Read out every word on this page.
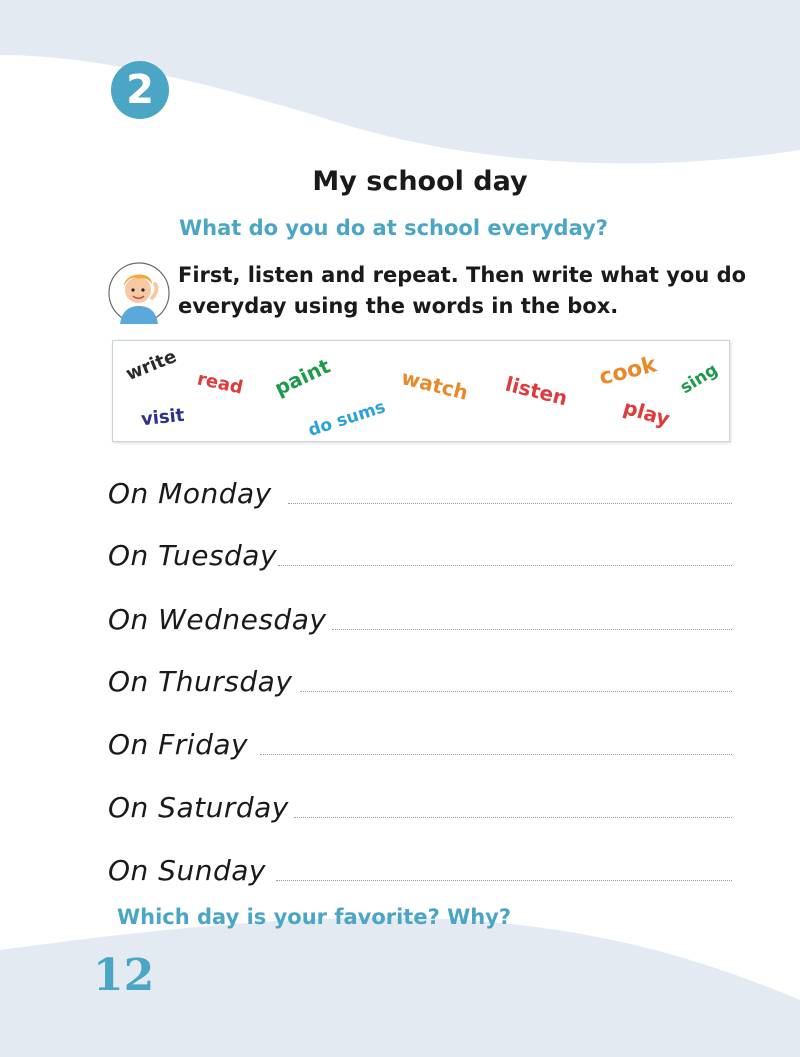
2
My school day
What do you do at school everyday?
First, listen and repeat. Then write what you do everyday using the words in the box.
write read paint	watch listen
cook sing
visit	do sums	play
On Monday
On Tuesday
On Wednesday
On Thursday
On Friday
On Saturday
On Sunday
Which day is your favorite? Why?
12
